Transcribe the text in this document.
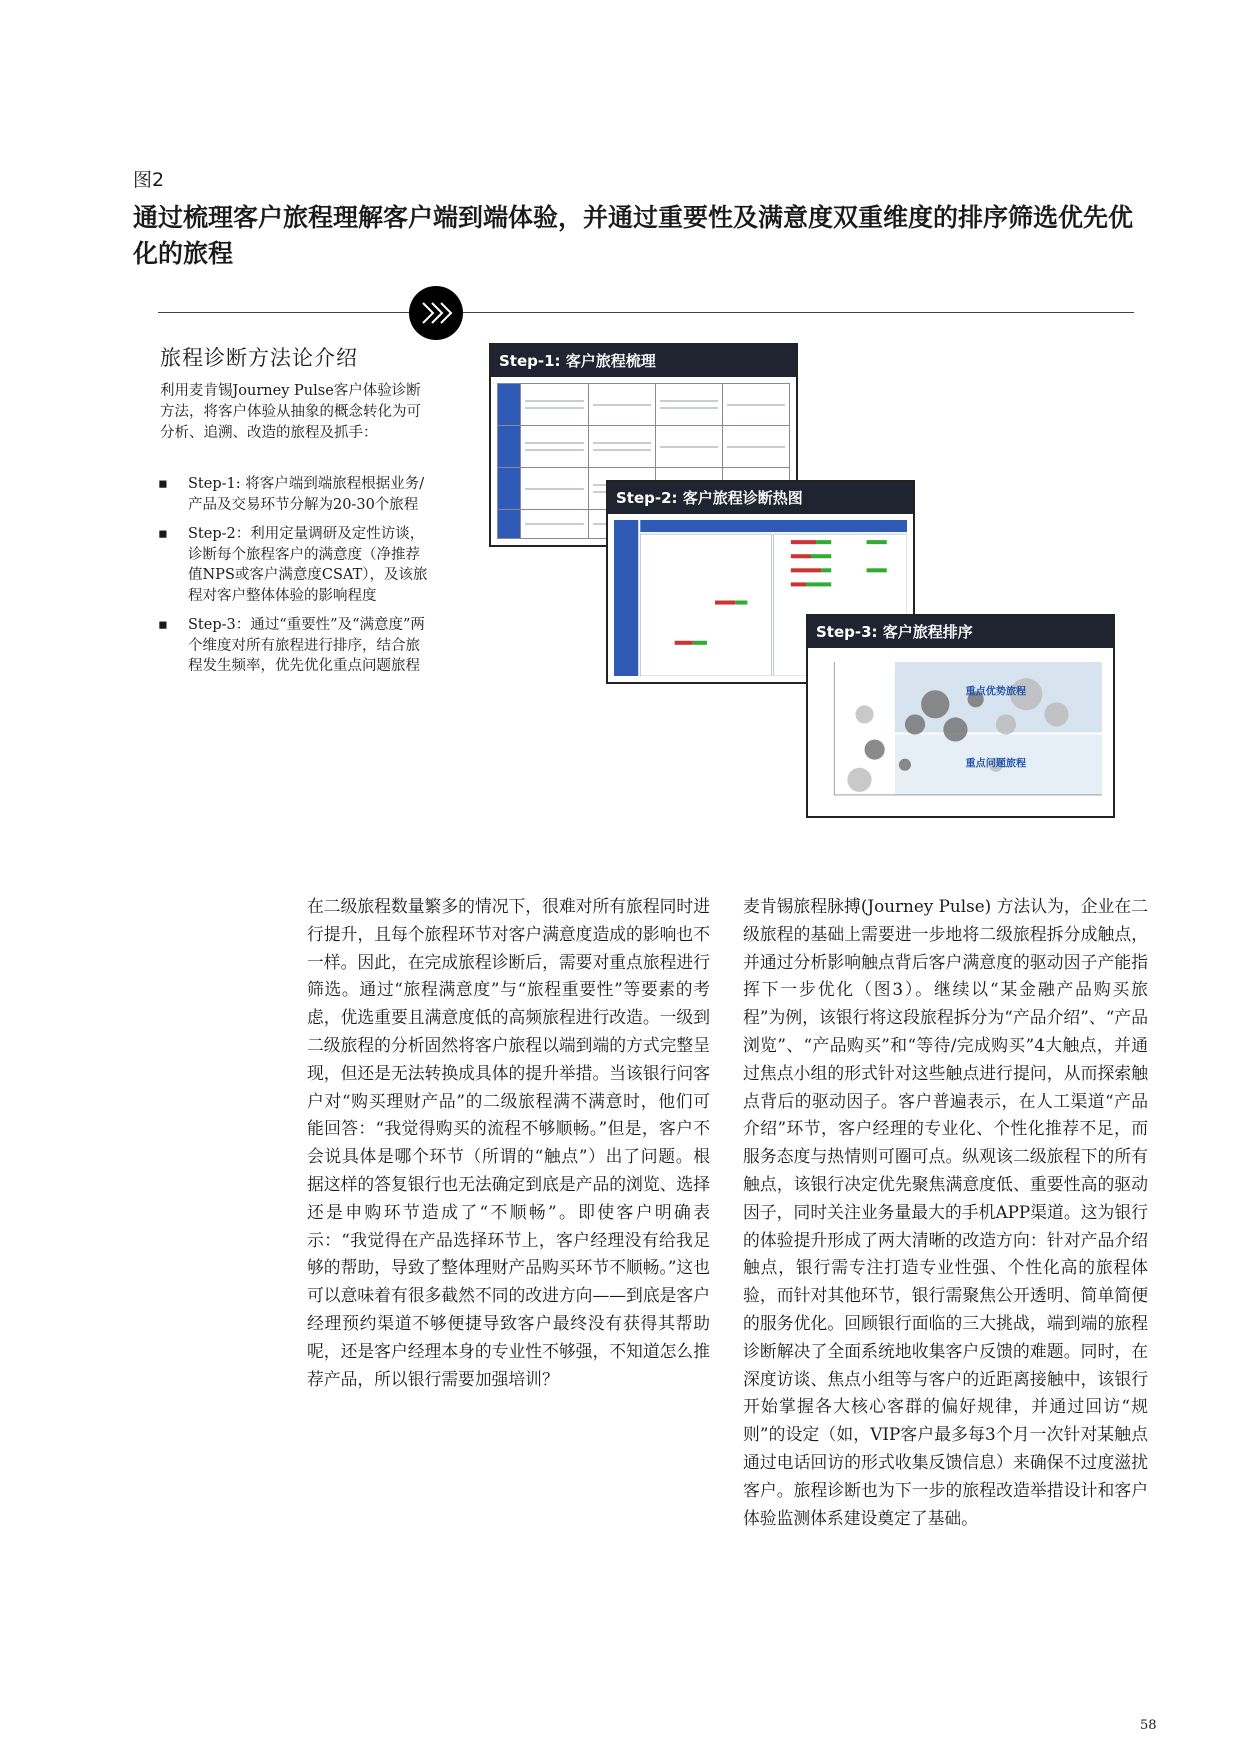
图2
通过梳理客户旅程理解客户端到端体验，并通过重要性及满意度双重维度的排序筛选优先优化的旅程
旅程诊断方法论介绍
利用麦肯锡Journey Pulse客户体验诊断方法，将客户体验从抽象的概念转化为可分析、追溯、改造的旅程及抓手：
▪ Step-1: 将客户端到端旅程根据业务/产品及交易环节分解为20-30个旅程
▪ Step-2：利用定量调研及定性访谈，诊断每个旅程客户的满意度（净推荐值NPS或客户满意度CSAT），及该旅程对客户整体体验的影响程度
▪ Step-3：通过“重要性”及“满意度”两个维度对所有旅程进行排序，结合旅程发生频率，优先优化重点问题旅程
Step-1: 客户旅程梳理

Step-2: 客户旅程诊断热图
Step-3: 客户旅程排序
重点优势旅程
重点问题旅程
在二级旅程数量繁多的情况下，很难对所有旅程同时进行提升，且每个旅程环节对客户满意度造成的影响也不一样。因此，在完成旅程诊断后，需要对重点旅程进行筛选。通过“旅程满意度”与“旅程重要性”等要素的考虑，优选重要且满意度低的高频旅程进行改造。一级到二级旅程的分析固然将客户旅程以端到端的方式完整呈现，但还是无法转换成具体的提升举措。当该银行问客户对“购买理财产品”的二级旅程满不满意时，他们可能回答：“我觉得购买的流程不够顺畅。”但是，客户不会说具体是哪个环节（所谓的“触点”）出了问题。根据这样的答复银行也无法确定到底是产品的浏览、选择还是申购环节造成了“不顺畅”。即使客户明确表示：“我觉得在产品选择环节上，客户经理没有给我足够的帮助，导致了整体理财产品购买环节不顺畅。”这也可以意味着有很多截然不同的改进方向——到底是客户经理预约渠道不够便捷导致客户最终没有获得其帮助呢，还是客户经理本身的专业性不够强，不知道怎么推荐产品，所以银行需要加强培训？
麦肯锡旅程脉搏(Journey Pulse) 方法认为，企业在二级旅程的基础上需要进一步地将二级旅程拆分成触点，并通过分析影响触点背后客户满意度的驱动因子产能指挥下一步优化（图3）。继续以“某金融产品购买旅程”为例，该银行将这段旅程拆分为“产品介绍”、“产品浏览”、“产品购买”和“等待/完成购买”4大触点，并通过焦点小组的形式针对这些触点进行提问，从而探索触点背后的驱动因子。客户普遍表示，在人工渠道“产品介绍”环节，客户经理的专业化、个性化推荐不足，而服务态度与热情则可圈可点。纵观该二级旅程下的所有触点，该银行决定优先聚焦满意度低、重要性高的驱动因子，同时关注业务量最大的手机APP渠道。这为银行的体验提升形成了两大清晰的改造方向：针对产品介绍触点，银行需专注打造专业性强、个性化高的旅程体验，而针对其他环节，银行需聚焦公开透明、简单简便的服务优化。回顾银行面临的三大挑战，端到端的旅程诊断解决了全面系统地收集客户反馈的难题。同时，在深度访谈、焦点小组等与客户的近距离接触中，该银行开始掌握各大核心客群的偏好规律，并通过回访“规则”的设定（如，VIP客户最多每3个月一次针对某触点通过电话回访的形式收集反馈信息）来确保不过度滋扰客户。旅程诊断也为下一步的旅程改造举措设计和客户体验监测体系建设奠定了基础。
58
